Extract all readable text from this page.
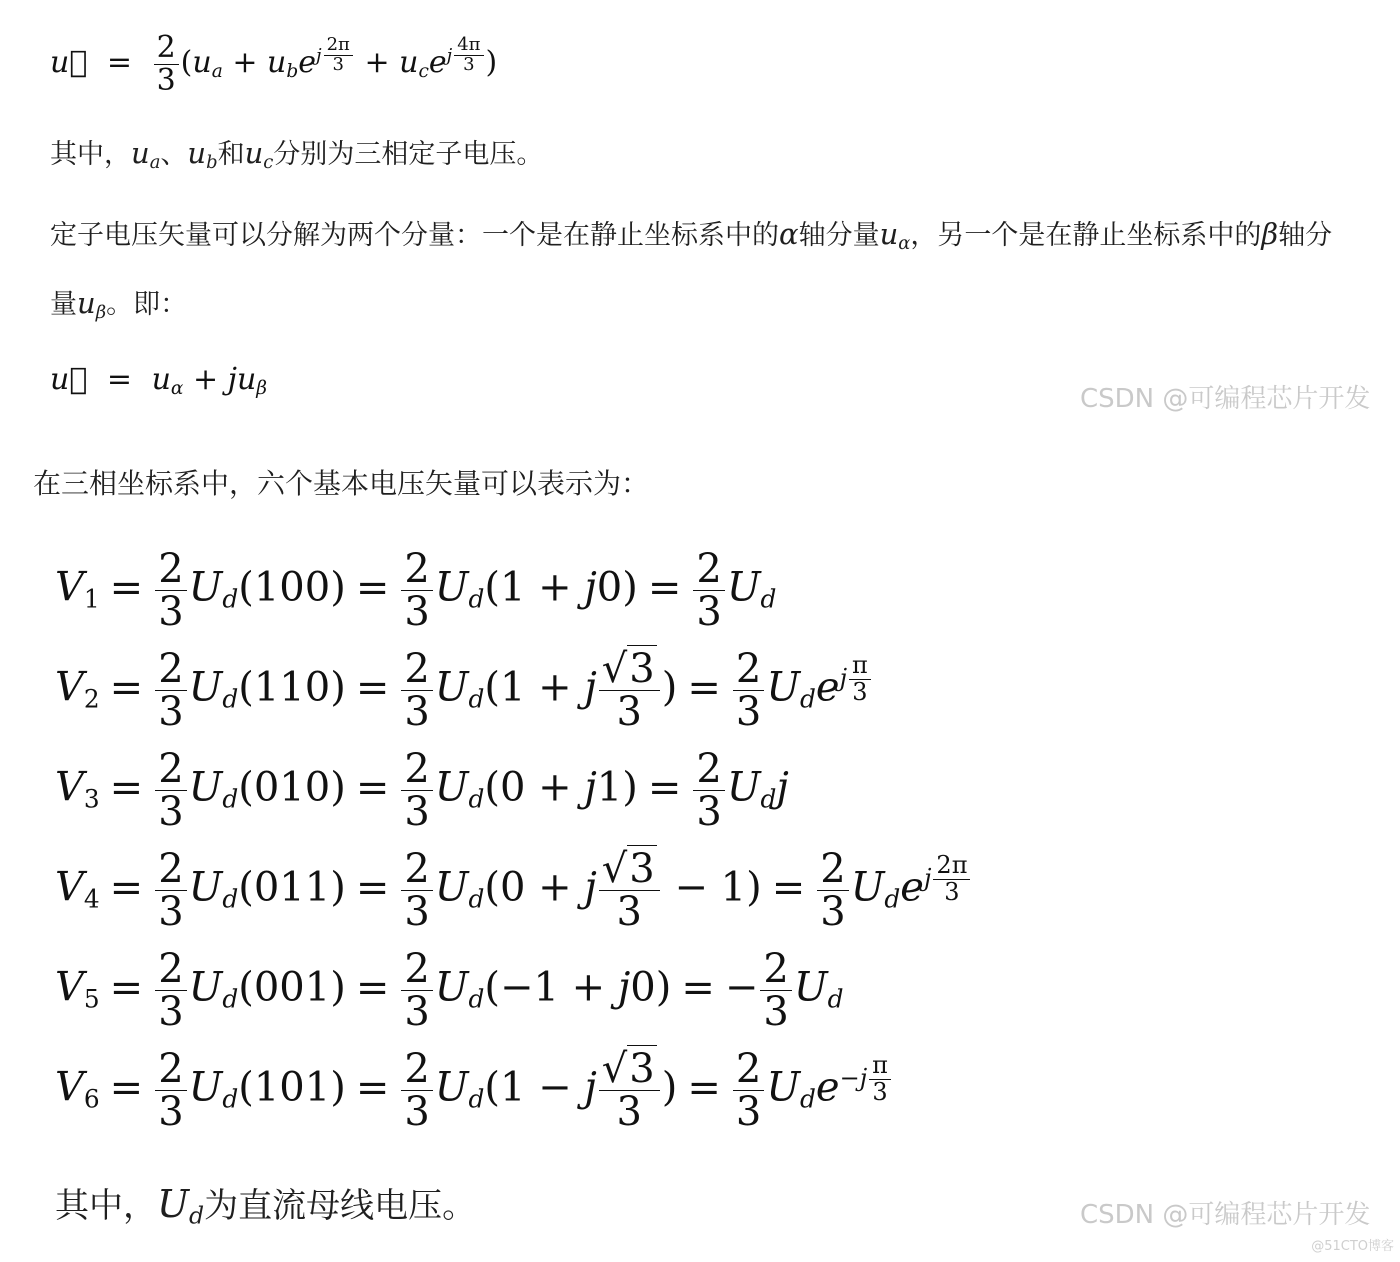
u⃗ = $\frac{2}{3} (u_a + u_be^{j \frac{2\pi}{3}} + u_ce^{j \frac{4\pi}{3}}$ )
其中，$u_a$、$u_b$和$u_c$分别为三相定子电压。
定子电压矢量可以分解为两个分量：一个是在静止坐标系中的α轴分量$u_\alpha$，另一个是在静止坐标系中的β轴分
量$u_\beta$。即：
u⃗ = $u_\alpha + ju_\beta$	CSDN @可编程芯片开发
在三相坐标系中，六个基本电压矢量可以表示为：
$V_1 = \frac{2}{3} U_d(100) = \frac{2}{3} U_d(1 + j0) = \frac{2}{3} U_d$
$V_2 = \frac{2}{3} U_d(110) = \frac{2}{3} U_d(1 + j \frac{√3}{3}$ ) = $\frac{2}{3} U_de^{j \frac{\pi}{3}}$
$V_3 = \frac{2}{3} U_d(010) = \frac{2}{3} U_d(0 + j1) = \frac{2}{3} U_dj$
$V_4 = \frac{2}{3} U_d(011) = \frac{2}{3} U_d(0 + j \frac{√3}{3} - 1) = \frac{2}{3} U_de^{j \frac{2\pi}{3}}$
$V_5 = \frac{2}{3} U_d(001) = \frac{2}{3} U_d(-1 + j0)$ = − $\frac{2}{3} U_d$
$V_6 = \frac{2}{3} U_d(101) = \frac{2}{3} U_d(1 - j \frac{√3}{3}$ ) = $\frac{2}{3} U_de^{-j \frac{\pi}{3}}$
其中，$U_d$为直流母线电压。	CSDN @可编程芯片开发
@51CTO博客
